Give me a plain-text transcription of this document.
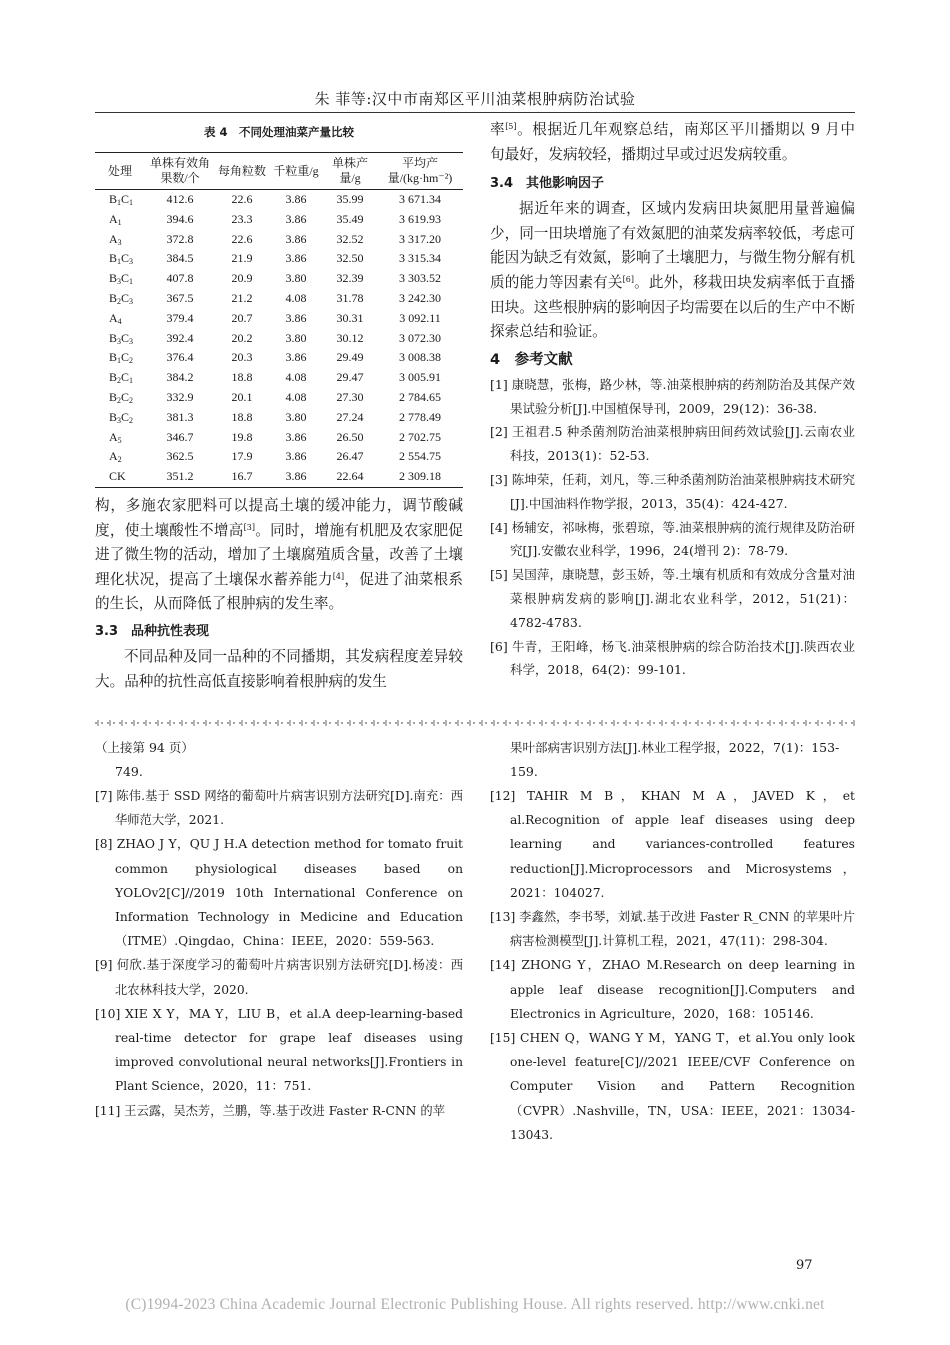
朱 菲等:汉中市南郑区平川油菜根肿病防治试验
表 4　不同处理油菜产量比较
处理	单株有效角果数/个	每角粒数	千粒重/g	单株产量/g	平均产量/(kg·hm⁻²)
$B_1C_1$	412.6	22.6	3.86	35.99	3 671.34
$A_1$	394.6	23.3	3.86	35.49	3 619.93
$A_3$	372.8	22.6	3.86	32.52	3 317.20
$B_1C_3$	384.5	21.9	3.86	32.50	3 315.34
$B_3C_1$	407.8	20.9	3.80	32.39	3 303.52
$B_2C_3$	367.5	21.2	4.08	31.78	3 242.30
$A_4$	379.4	20.7	3.86	30.31	3 092.11
$B_3C_3$	392.4	20.2	3.80	30.12	3 072.30
$B_1C_2$	376.4	20.3	3.86	29.49	3 008.38
$B_2C_1$	384.2	18.8	4.08	29.47	3 005.91
$B_2C_2$	332.9	20.1	4.08	27.30	2 784.65
$B_3C_2$	381.3	18.8	3.80	27.24	2 778.49
$A_5$	346.7	19.8	3.86	26.50	2 702.75
$A_2$	362.5	17.9	3.86	26.47	2 554.75
CK	351.2	16.7	3.86	22.64	2 309.18
构，多施农家肥料可以提高土壤的缓冲能力，调节酸碱度，使土壤酸性不增高[3]。同时，增施有机肥及农家肥促进了微生物的活动，增加了土壤腐殖质含量，改善了土壤理化状况，提高了土壤保水蓄养能力[4]，促进了油菜根系的生长，从而降低了根肿病的发生率。
3.3　品种抗性表现
不同品种及同一品种的不同播期，其发病程度差异较大。品种的抗性高低直接影响着根肿病的发生
率[5]。根据近几年观察总结，南郑区平川播期以 9 月中旬最好，发病较轻，播期过早或过迟发病较重。
3.4　其他影响因子
据近年来的调查，区域内发病田块氮肥用量普遍偏少，同一田块增施了有效氮肥的油菜发病率较低，考虑可能因为缺乏有效氮，影响了土壤肥力，与微生物分解有机质的能力等因素有关[6]。此外，移栽田块发病率低于直播田块。这些根肿病的影响因子均需要在以后的生产中不断探索总结和验证。
4　参考文献
[1] 康晓慧，张梅，路少林，等.油菜根肿病的药剂防治及其保产效果试验分析[J].中国植保导刊，2009，29(12)：36-38.
[2] 王祖君.5 种杀菌剂防治油菜根肿病田间药效试验[J].云南农业科技，2013(1)：52-53.
[3] 陈坤荣，任莉，刘凡，等.三种杀菌剂防治油菜根肿病技术研究[J].中国油料作物学报，2013，35(4)：424-427.
[4] 杨辅安，祁咏梅，张碧琼，等.油菜根肿病的流行规律及防治研究[J].安徽农业科学，1996，24(增刊 2)：78-79.
[5] 吴国萍，康晓慧，彭玉娇，等.土壤有机质和有效成分含量对油菜根肿病发病的影响[J].湖北农业科学，2012，51(21)：4782-4783.
[6] 牛青，王阳峰，杨飞.油菜根肿病的综合防治技术[J].陕西农业科学，2018，64(2)：99-101.
（上接第 94 页）
749.
[7] 陈伟.基于 SSD 网络的葡萄叶片病害识别方法研究[D].南充：西华师范大学，2021.
[8] ZHAO J Y，QU J H.A detection method for tomato fruit common physiological diseases based on YOLOv2[C]//2019 10th International Conference on Information Technology in Medicine and Education（ITME）.Qingdao，China：IEEE，2020：559-563.
[9] 何欣.基于深度学习的葡萄叶片病害识别方法研究[D].杨凌：西北农林科技大学，2020.
[10] XIE X Y，MA Y，LIU B，et al.A deep-learning-based real-time detector for grape leaf diseases using improved convolutional neural networks[J].Frontiers in Plant Science，2020，11：751.
[11] 王云露，吴杰芳，兰鹏，等.基于改进 Faster R-CNN 的苹
果叶部病害识别方法[J].林业工程学报，2022，7(1)：153-159.
[12] TAHIR M B，KHAN M A，JAVED K，et al.Recognition of apple leaf diseases using deep learning and variances-controlled features reduction[J].Microprocessors and Microsystems，2021：104027.
[13] 李鑫然，李书琴，刘斌.基于改进 Faster R_CNN 的苹果叶片病害检测模型[J].计算机工程，2021，47(11)：298-304.
[14] ZHONG Y，ZHAO M.Research on deep learning in apple leaf disease recognition[J].Computers and Electronics in Agriculture，2020，168：105146.
[15] CHEN Q，WANG Y M，YANG T，et al.You only look one-level feature[C]//2021 IEEE/CVF Conference on Computer Vision and Pattern Recognition（CVPR）.Nashville，TN，USA：IEEE，2021：13034-13043.
97
(C)1994-2023 China Academic Journal Electronic Publishing House. All rights reserved. http://www.cnki.net
